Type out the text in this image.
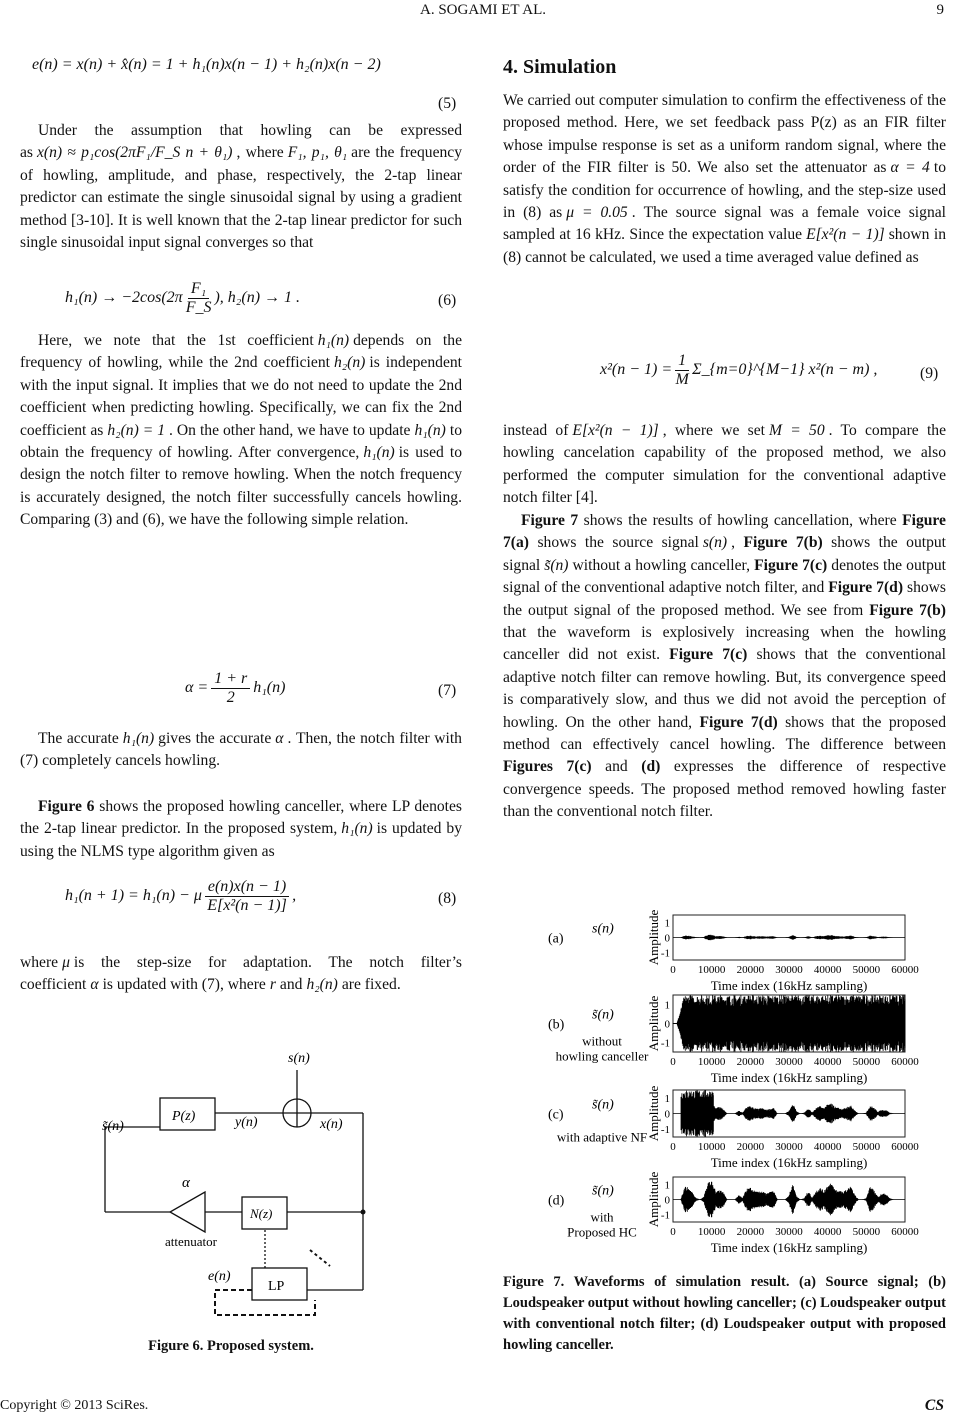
A. SOGAMI ET AL.	9
e(n) = x(n) + x̂(n) = 1 + h₁(n)x(n − 1) + h₂(n)x(n − 2)
(5)

Under the assumption that howling can be expressed as x(n) ≈ p₁cos(2πF₁/F_S n + θ₁) , where F₁, p₁, θ₁ are the frequency of howling, amplitude, and phase, respectively, the 2-tap linear predictor can estimate the single sinusoidal signal by using a gradient method [3-10]. It is well known that the 2-tap linear predictor for such single sinusoidal input signal converges so that

$h_1(n) \to -2\cos(2\pi \frac{\text{F₁}}{F\_S}$ ), h₂(n) → 1 .	(6)

Here, we note that the 1st coefficient h₁(n) depends on the frequency of howling, while the 2nd coefficient h₂(n) is independent with the input signal. It implies that we do not need to update the 2nd coefficient when predicting howling. Specifically, we can fix the 2nd coefficient as h₂(n) = 1 . On the other hand, we have to update h₁(n) to obtain the frequency of howling. After convergence, h₁(n) is used to design the notch filter to remove howling. When the notch frequency is accurately designed, the notch filter successfully cancels howling. Comparing (3) and (6), we have the following simple relation.

$\alpha = \frac{1 + r}{2} h_1(n)$	(7)

The accurate h₁(n) gives the accurate α . Then, the notch filter with (7) completely cancels howling.

Figure 6 shows the proposed howling canceller, where LP denotes the 2-tap linear predictor. In the proposed system, h₁(n) is updated by using the NLMS type algorithm given as

h₁(n + 1) = h₁(n) − μ $\frac{e(n)x(n - 1)}{\text{E[x²(n − 1)]}}$ ,	(8)

where μ is the step-size for adaptation. The notch filter’s coefficient α is updated with (7), where r and h₂(n) are fixed.

s(n)
s̃(n)
P(z)
x(n)
y(n)
α
N(z)
attenuator
e(n)
LP
Figure 6. Proposed system.
4. Simulation

We carried out computer simulation to confirm the effectiveness of the proposed method. Here, we set feedback pass P(z) as an FIR filter whose impulse response is set as a uniform random signal, where the order of the FIR filter is 50. We also set the attenuator as α = 4 to satisfy the condition for occurrence of howling, and the step-size used in (8) as μ = 0.05 . The source signal was a female voice signal sampled at 16 kHz. Since the expectation value E[x²(n − 1)] shown in (8) cannot be calculated, we used a time averaged value defined as

$x^2(n - 1) = \frac{1}{M}$ Σ_{m=0}^{M−1} x²(n − m) ,	(9)

instead of E[x²(n − 1)] , where we set M = 50 . To compare the howling cancelation capability of the proposed method, we also performed the computer simulation for the conventional adaptive notch filter [4].

Figure 7 shows the results of howling cancellation, where Figure 7(a) shows the source signal s(n) , Figure 7(b) shows the output signal s̃(n) without a howling canceller, Figure 7(c) denotes the output signal of the conventional adaptive notch filter, and Figure 7(d) shows the output signal of the proposed method. We see from Figure 7(b) that the waveform is explosively increasing when the howling canceller did not exist. Figure 7(c) shows that the conventional adaptive notch filter can remove howling. But, its convergence speed is comparatively slow, and thus we did not avoid the perception of howling. On the other hand, Figure 7(d) shows that the proposed method can effectively cancel howling. The difference between Figures 7(c) and (d) expresses the difference of respective convergence speeds. The proposed method removed howling faster than the conventional notch filter.

1
0
-1
0 10000 20000 30000 40000 50000 60000
Time index (16kHz sampling)
Amplitude
(a)
s(n)
1
0
-1
0 10000 20000 30000 40000 50000 60000
Time index (16kHz sampling)
Amplitude
(b)
s̃(n)
without
howling canceller
1
0
-1
0 10000 20000 30000 40000 50000 60000
Time index (16kHz sampling)
Amplitude
(c)
s̃(n)
with adaptive NF
1
0
-1
0 10000 20000 30000 40000 50000 60000
Time index (16kHz sampling)
Amplitude
(d)
s̃(n)
with
Proposed HC
Figure 7. Waveforms of simulation result. (a) Source signal; (b) Loudspeaker output without howling canceller; (c) Loudspeaker output with conventional notch filter; (d) Loudspeaker output with proposed howling canceller.
Copyright © 2013 SciRes.	CS
